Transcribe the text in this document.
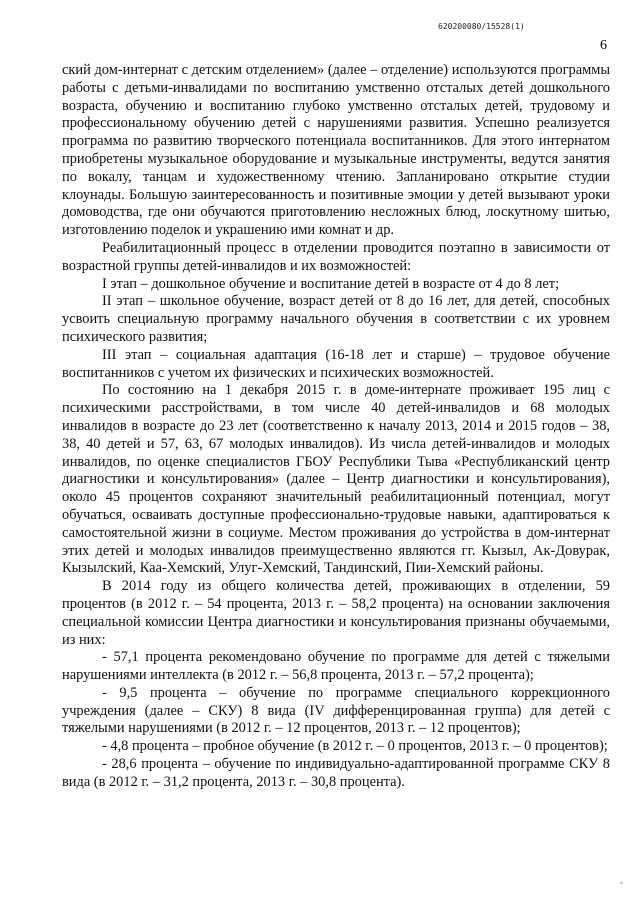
620200080/15528(1)
6

ский дом-интернат с детским отделением» (далее – отделение) используются программы работы с детьми-инвалидами по воспитанию умственно отсталых детей дошкольного возраста, обучению и воспитанию глубоко умственно отсталых детей, трудовому и профессиональному обучению детей с нарушениями развития. Успешно реализуется программа по развитию творческого потенциала воспитанников. Для этого интернатом приобретены музыкальное оборудование и музыкальные инструменты, ведутся занятия по вокалу, танцам и художественному чтению. Запланировано открытие студии клоунады. Большую заинтересованность и позитивные эмоции у детей вызывают уроки домоводства, где они обучаются приготовлению несложных блюд, лоскутному шитью, изготовлению поделок и украшению ими комнат и др.

Реабилитационный процесс в отделении проводится поэтапно в зависимости от возрастной группы детей-инвалидов и их возможностей:

I этап – дошкольное обучение и воспитание детей в возрасте от 4 до 8 лет;

II этап – школьное обучение, возраст детей от 8 до 16 лет, для детей, способных усвоить специальную программу начального обучения в соответствии с их уровнем психического развития;

III этап – социальная адаптация (16-18 лет и старше) – трудовое обучение воспитанников с учетом их физических и психических возможностей.

По состоянию на 1 декабря 2015 г. в доме-интернате проживает 195 лиц с психическими расстройствами, в том числе 40 детей-инвалидов и 68 молодых инвалидов в возрасте до 23 лет (соответственно к началу 2013, 2014 и 2015 годов – 38, 38, 40 детей и 57, 63, 67 молодых инвалидов). Из числа детей-инвалидов и молодых инвалидов, по оценке специалистов ГБОУ Республики Тыва «Республиканский центр диагностики и консультирования» (далее – Центр диагностики и консультирования), около 45 процентов сохраняют значительный реабилитационный потенциал, могут обучаться, осваивать доступные профессионально-трудовые навыки, адаптироваться к самостоятельной жизни в социуме. Местом проживания до устройства в дом-интернат этих детей и молодых инвалидов преимущественно являются гг. Кызыл, Ак-Довурак, Кызылский, Каа-Хемский, Улуг-Хемский, Тандинский, Пии-Хемский районы.

В 2014 году из общего количества детей, проживающих в отделении, 59 процентов (в 2012 г. – 54 процента, 2013 г. – 58,2 процента) на основании заключения специальной комиссии Центра диагностики и консультирования признаны обучаемыми, из них:

- 57,1 процента рекомендовано обучение по программе для детей с тяжелыми нарушениями интеллекта (в 2012 г. – 56,8 процента, 2013 г. – 57,2 процента);

- 9,5 процента – обучение по программе специального коррекционного учреждения (далее – СКУ) 8 вида (IV дифференцированная группа) для детей с тяжелыми нарушениями (в 2012 г. – 12 процентов, 2013 г. – 12 процентов);

- 4,8 процента – пробное обучение (в 2012 г. – 0 процентов, 2013 г. – 0 процентов);

- 28,6 процента – обучение по индивидуально-адаптированной программе СКУ 8 вида (в 2012 г. – 31,2 процента, 2013 г. – 30,8 процента).

⸗
